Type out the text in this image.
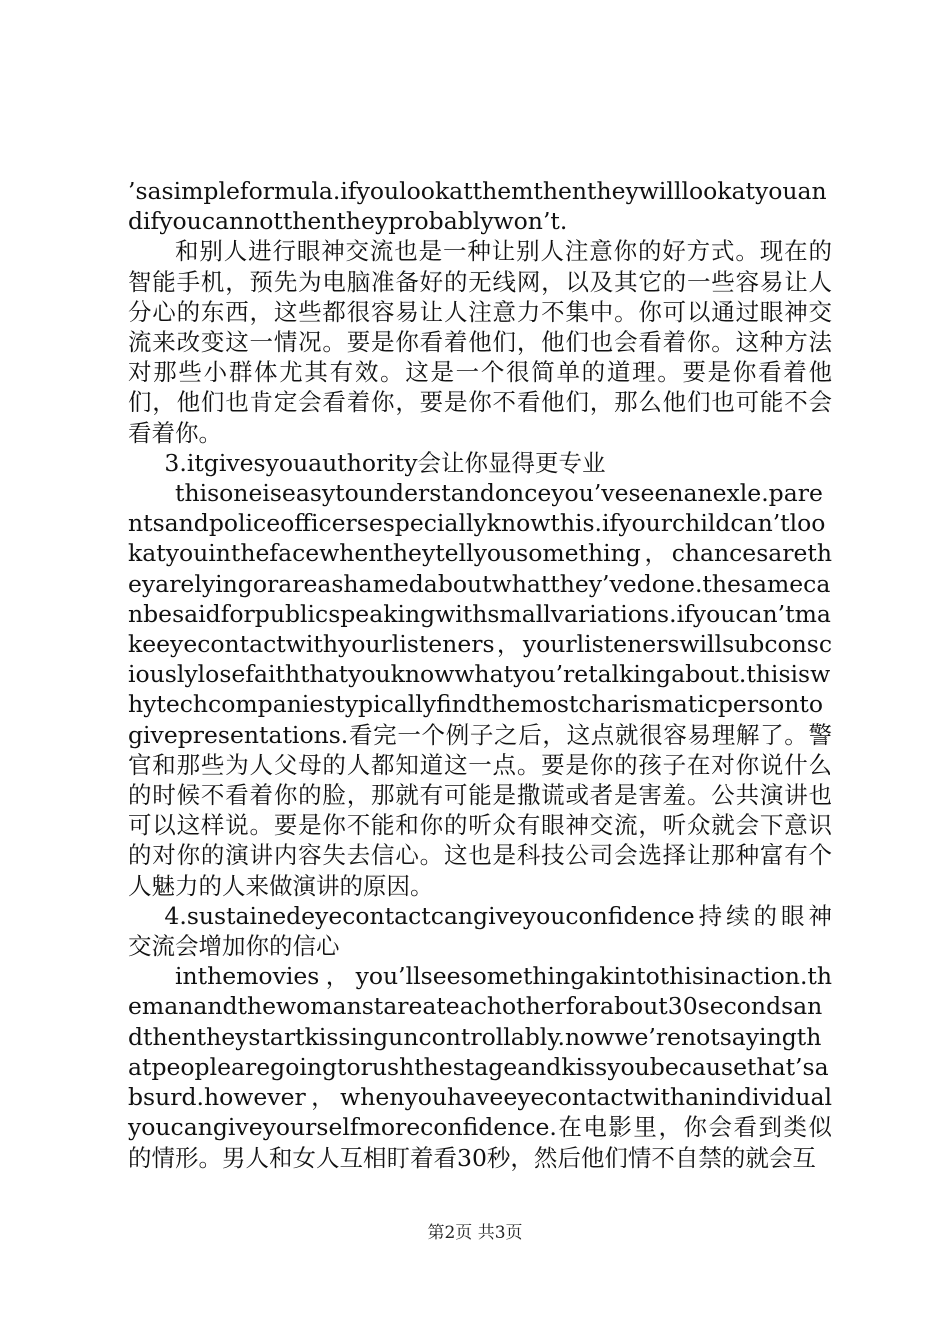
’sasimpleformula.ifyoulookatthemthentheywilllookatyouandifyoucannotthentheyprobablywon’t.

和别人进行眼神交流也是一种让别人注意你的好方式。现在的智能手机，预先为电脑准备好的无线网，以及其它的一些容易让人分心的东西，这些都很容易让人注意力不集中。你可以通过眼神交流来改变这一情况。要是你看着他们，他们也会看着你。这种方法对那些小群体尤其有效。这是一个很简单的道理。要是你看着他们，他们也肯定会看着你，要是你不看他们，那么他们也可能不会看着你。

3.itgivesyouauthority会让你显得更专业

thisoneiseasytounderstandonceyou’veseenanexle.parentsandpoliceofficersespeciallyknowthis.ifyourchildcan’tlookatyouinthefacewhentheytellyousomething，chancesaretheyarelyingorareashamedaboutwhatthey’vedone.thesamecanbesaidforpublicspeakingwithsmallvariations.ifyoucan’tmakeeyecontactwithyourlisteners，yourlistenerswillsubconsciouslylosefaiththatyouknowwhatyou’retalkingabout.thisiswhytechcompaniestypicallyfindthemostcharismaticpersontogivepresentations.看完一个例子之后，这点就很容易理解了。警官和那些为人父母的人都知道这一点。要是你的孩子在对你说什么的时候不看着你的脸，那就有可能是撒谎或者是害羞。公共演讲也可以这样说。要是你不能和你的听众有眼神交流，听众就会下意识的对你的演讲内容失去信心。这也是科技公司会选择让那种富有个人魅力的人来做演讲的原因。

4.sustainedeyecontactcangiveyouconfidence持续的眼神交流会增加你的信心

inthemovies，you’llseesomethingakintothisinaction.themanandthewomanstareateachotherforabout30secondsandthentheystartkissinguncontrollably.nowwe’renotsayingthatpeoplearegoingtorushthestageandkissyoubecausethat’sabsurd.however，whenyouhaveeyecontactwithanindividualyoucangiveyourselfmoreconfidence.在电影里，你会看到类似的情形。男人和女人互相盯着看30秒，然后他们情不自禁的就会互

第2页 共3页
